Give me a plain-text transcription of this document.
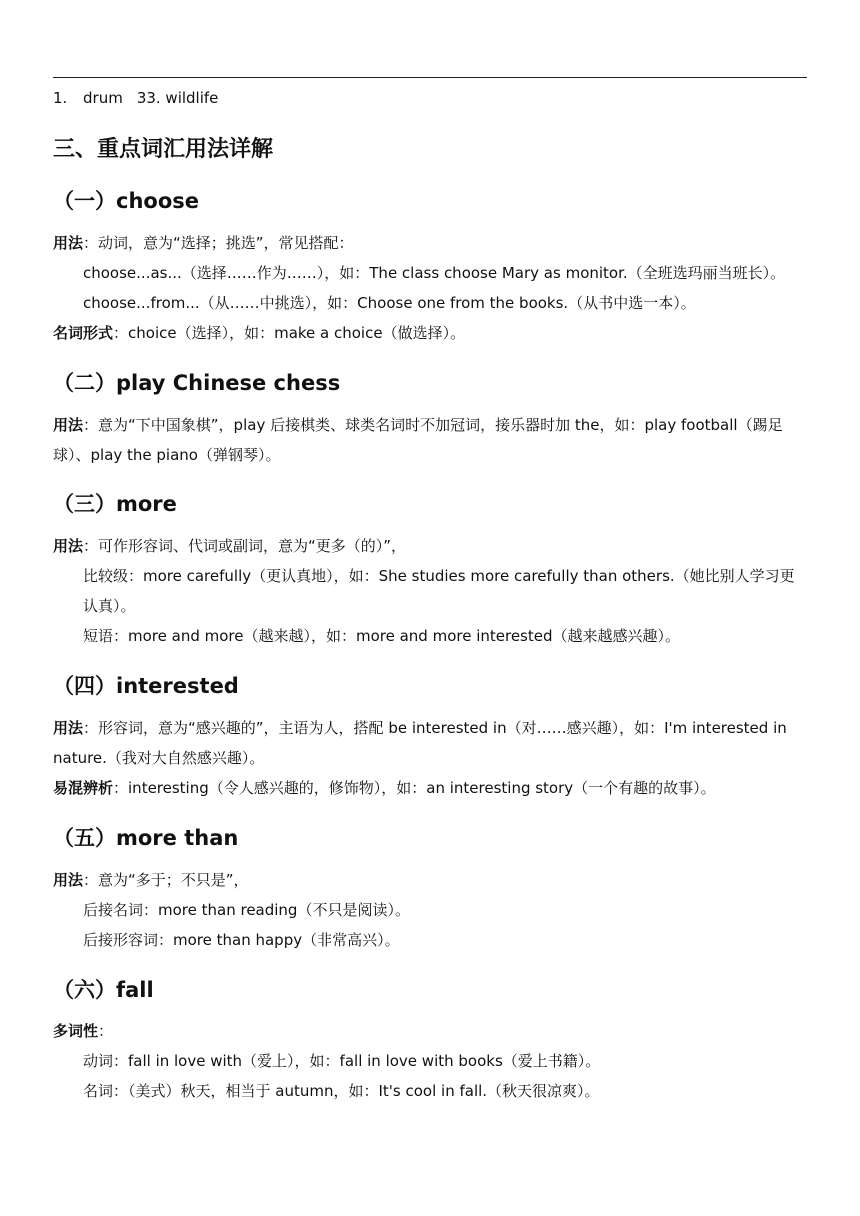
1. drum 33. wildlife
三、重点词汇用法详解
（一）choose
用法：动词，意为“选择；挑选”，常见搭配：
choose...as...（选择……作为……），如：The class choose Mary as monitor.（全班选玛丽当班长）。
choose...from...（从……中挑选），如：Choose one from the books.（从书中选一本）。
名词形式：choice（选择），如：make a choice（做选择）。
（二）play Chinese chess
用法：意为“下中国象棋”，play 后接棋类、球类名词时不加冠词，接乐器时加 the，如：play football（踢足球）、play the piano（弹钢琴）。
（三）more
用法：可作形容词、代词或副词，意为“更多（的）”，
比较级：more carefully（更认真地），如：She studies more carefully than others.（她比别人学习更认真）。
短语：more and more（越来越），如：more and more interested（越来越感兴趣）。
（四）interested
用法：形容词，意为“感兴趣的”，主语为人，搭配 be interested in（对……感兴趣），如：I'm interested in nature.（我对大自然感兴趣）。
易混辨析：interesting（令人感兴趣的，修饰物），如：an interesting story（一个有趣的故事）。
（五）more than
用法：意为“多于；不只是”，
后接名词：more than reading（不只是阅读）。
后接形容词：more than happy（非常高兴）。
（六）fall
多词性：
动词：fall in love with（爱上），如：fall in love with books（爱上书籍）。
名词：（美式）秋天，相当于 autumn，如：It's cool in fall.（秋天很凉爽）。
